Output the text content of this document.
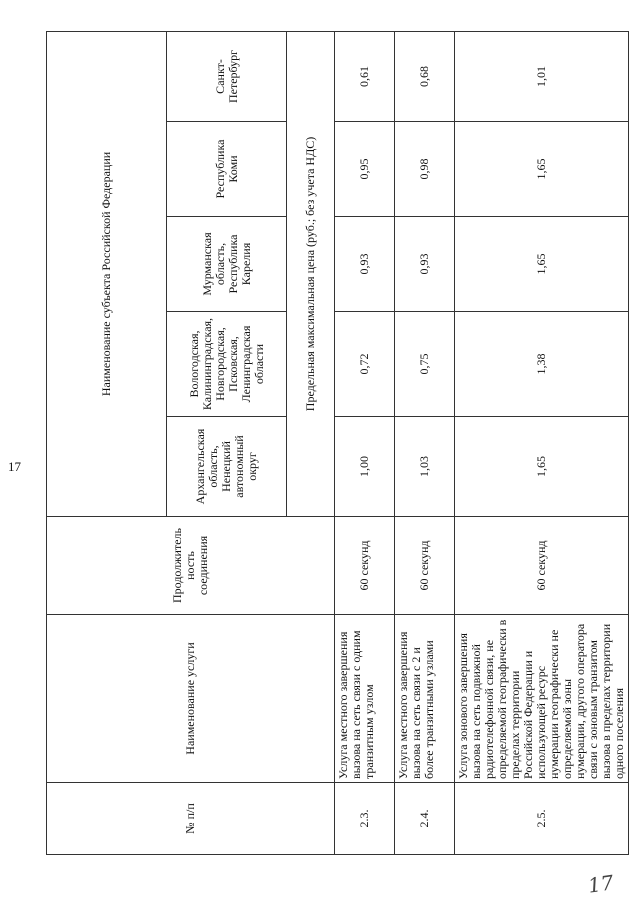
17
17
№ п/п	Наименование услуги	Продолжитель ность соединения	Наименование субъекта Российской Федерации				
			Архангельская область, Ненецкий автономный округ	Вологодская, Калининградская, Новгородская, Псковская, Ленинградская области	Мурманская область, Республика Карелия	Республика Коми	Санкт-Петербург
			Предельная максимальная цена (руб.; без учета НДС)				
2.3.	Услуга местного завершения вызова на сеть связи с одним транзитным узлом	60 секунд	1,00	0,72	0,93	0,95	0,61
2.4.	Услуга местного завершения вызова на сеть связи с 2 и более транзитными узлами	60 секунд	1,03	0,75	0,93	0,98	0,68
2.5.	Услуга зонового завершения вызова на сеть подвижной радиотелефонной связи, не определяемой географически в пределах территории Российской Федерации и использующей ресурс нумерации географически не определяемой зоны нумерации, другого оператора связи с зоновым транзитом вызова в пределах территории одного поселения	60 секунд	1,65	1,38	1,65	1,65	1,01
